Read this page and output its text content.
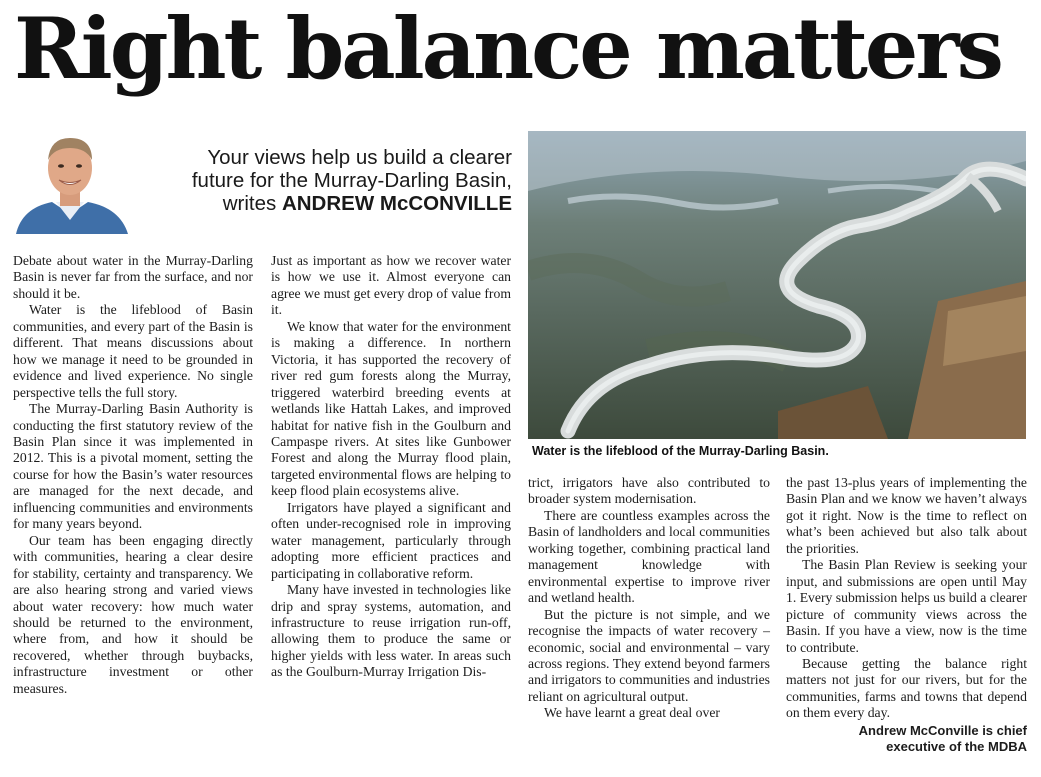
Right balance matters
Your views help us build a clearer
future for the Murray-Darling Basin,
writes ANDREW McCONVILLE
Water is the lifeblood of the Murray-Darling Basin.

Debate about water in the Murray-Darling Basin is never far from the surface, and nor should it be.

Water is the lifeblood of Basin communities, and every part of the Basin is different. That means discussions about how we manage it need to be grounded in evidence and lived experience. No single perspective tells the full story.

The Murray-Darling Basin Authority is conducting the first statutory review of the Basin Plan since it was implemented in 2012. This is a pivotal moment, setting the course for how the Basin’s water resources are managed for the next decade, and influencing communities and environments for many years beyond.

Our team has been engaging directly with communities, hearing a clear desire for stability, certainty and transparency. We are also hearing strong and varied views about water recovery: how much water should be returned to the environment, where from, and how it should be recovered, whether through buybacks, infrastructure investment or other measures.

Just as important as how we recover water is how we use it. Almost everyone can agree we must get every drop of value from it.

We know that water for the environment is making a difference. In northern Victoria, it has supported the recovery of river red gum forests along the Murray, triggered waterbird breeding events at wetlands like Hattah Lakes, and improved habitat for native fish in the Goulburn and Campaspe rivers. At sites like Gunbower Forest and along the Murray flood plain, targeted environmental flows are helping to keep flood plain ecosystems alive.

Irrigators have played a significant and often under-recognised role in improving water management, particularly through adopting more efficient practices and participating in collaborative reform.

Many have invested in technologies like drip and spray systems, automation, and infrastructure to reuse irrigation run-off, allowing them to produce the same or higher yields with less water. In areas such as the Goulburn-Murray Irrigation Dis-

trict, irrigators have also contributed to broader system modernisation.

There are countless examples across the Basin of landholders and local communities working together, combining practical land management knowledge with environmental expertise to improve river and wetland health.

But the picture is not simple, and we recognise the impacts of water recovery – economic, social and environmental – vary across regions. They extend beyond farmers and irrigators to communities and industries reliant on agricultural output.

We have learnt a great deal over

the past 13-plus years of implementing the Basin Plan and we know we haven’t always got it right. Now is the time to reflect on what’s been achieved but also talk about the priorities.

The Basin Plan Review is seeking your input, and submissions are open until May 1. Every submission helps us build a clearer picture of community views across the Basin. If you have a view, now is the time to contribute.

Because getting the balance right matters not just for our rivers, but for the communities, farms and towns that depend on them every day.

Andrew McConville is chief
executive of the MDBA
